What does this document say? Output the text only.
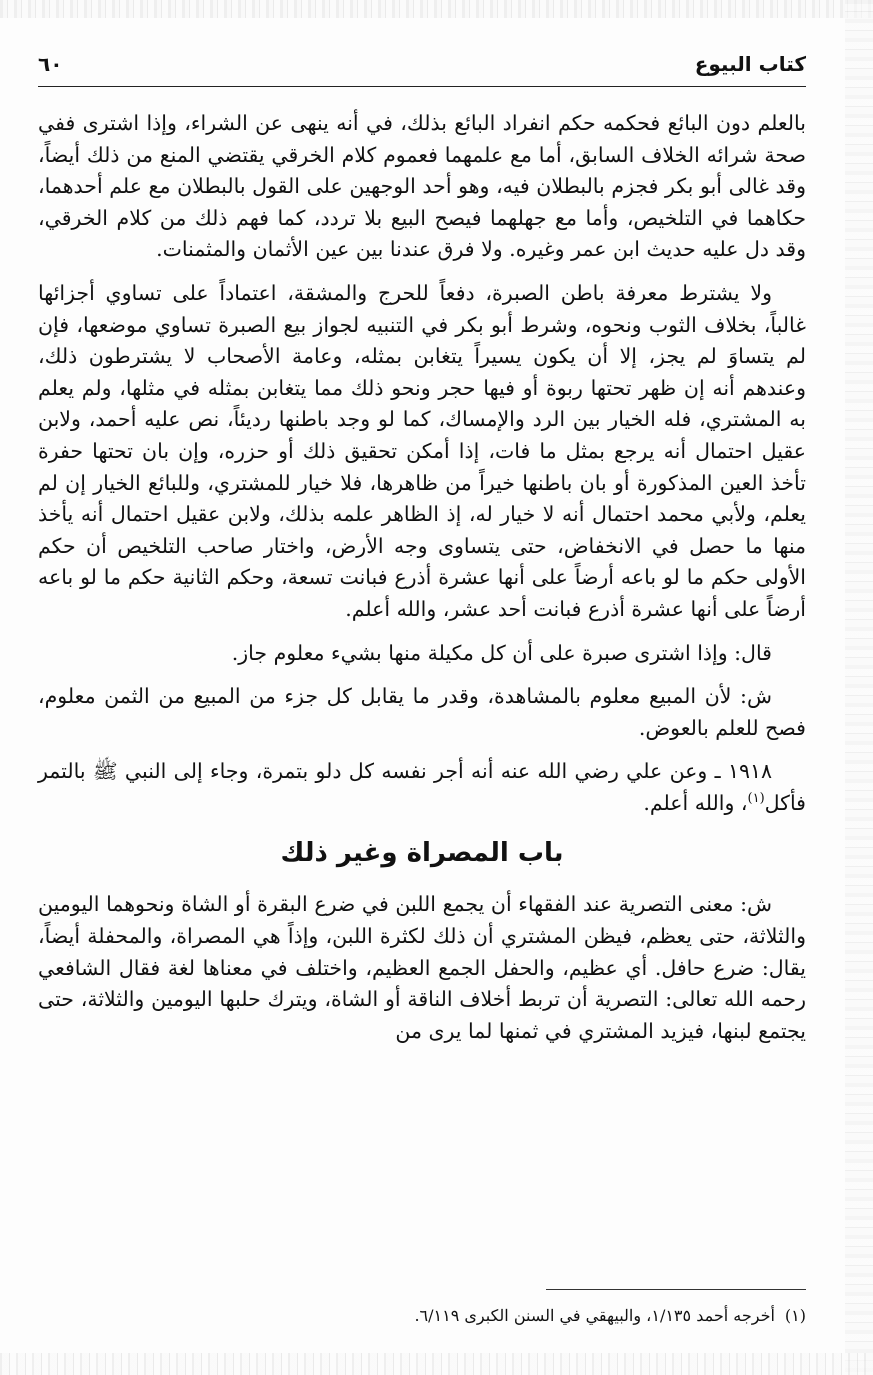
كتاب البيوع
٦٠

بالعلم دون البائع فحكمه حكم انفراد البائع بذلك، في أنه ينهى عن الشراء، وإذا اشترى ففي صحة شرائه الخلاف السابق، أما مع علمهما فعموم كلام الخرقي يقتضي المنع من ذلك أيضاً، وقد غالى أبو بكر فجزم بالبطلان فيه، وهو أحد الوجهين على القول بالبطلان مع علم أحدهما، حكاهما في التلخيص، وأما مع جهلهما فيصح البيع بلا تردد، كما فهم ذلك من كلام الخرقي، وقد دل عليه حديث ابن عمر وغيره. ولا فرق عندنا بين عين الأثمان والمثمنات.

ولا يشترط معرفة باطن الصبرة، دفعاً للحرج والمشقة، اعتماداً على تساوي أجزائها غالباً، بخلاف الثوب ونحوه، وشرط أبو بكر في التنبيه لجواز بيع الصبرة تساوي موضعها، فإن لم يتساوَ لم يجز، إلا أن يكون يسيراً يتغابن بمثله، وعامة الأصحاب لا يشترطون ذلك، وعندهم أنه إن ظهر تحتها ربوة أو فيها حجر ونحو ذلك مما يتغابن بمثله في مثلها، ولم يعلم به المشتري، فله الخيار بين الرد والإمساك، كما لو وجد باطنها رديئاً، نص عليه أحمد، ولابن عقيل احتمال أنه يرجع بمثل ما فات، إذا أمكن تحقيق ذلك أو حزره، وإن بان تحتها حفرة تأخذ العين المذكورة أو بان باطنها خيراً من ظاهرها، فلا خيار للمشتري، وللبائع الخيار إن لم يعلم، ولأبي محمد احتمال أنه لا خيار له، إذ الظاهر علمه بذلك، ولابن عقيل احتمال أنه يأخذ منها ما حصل في الانخفاض، حتى يتساوى وجه الأرض، واختار صاحب التلخيص أن حكم الأولى حكم ما لو باعه أرضاً على أنها عشرة أذرع فبانت تسعة، وحكم الثانية حكم ما لو باعه أرضاً على أنها عشرة أذرع فبانت أحد عشر، والله أعلم.

قال: وإذا اشترى صبرة على أن كل مكيلة منها بشيء معلوم جاز.

ش: لأن المبيع معلوم بالمشاهدة، وقدر ما يقابل كل جزء من المبيع من الثمن معلوم، فصح للعلم بالعوض.

١٩١٨ ـ وعن علي رضي الله عنه أنه أجر نفسه كل دلو بتمرة، وجاء إلى النبي ﷺ بالتمر فأكل$^{(١)}$، والله أعلم.

باب المصراة وغير ذلك

ش: معنى التصرية عند الفقهاء أن يجمع اللبن في ضرع البقرة أو الشاة ونحوهما اليومين والثلاثة، حتى يعظم، فيظن المشتري أن ذلك لكثرة اللبن، وإذاً هي المصراة، والمحفلة أيضاً، يقال: ضرع حافل. أي عظيم، والحفل الجمع العظيم، واختلف في معناها لغة فقال الشافعي رحمه الله تعالى: التصرية أن تربط أخلاف الناقة أو الشاة، ويترك حلبها اليومين والثلاثة، حتى يجتمع لبنها، فيزيد المشتري في ثمنها لما يرى من

(١)أخرجه أحمد ١/١٣٥، والبيهقي في السنن الكبرى ٦/١١٩.
